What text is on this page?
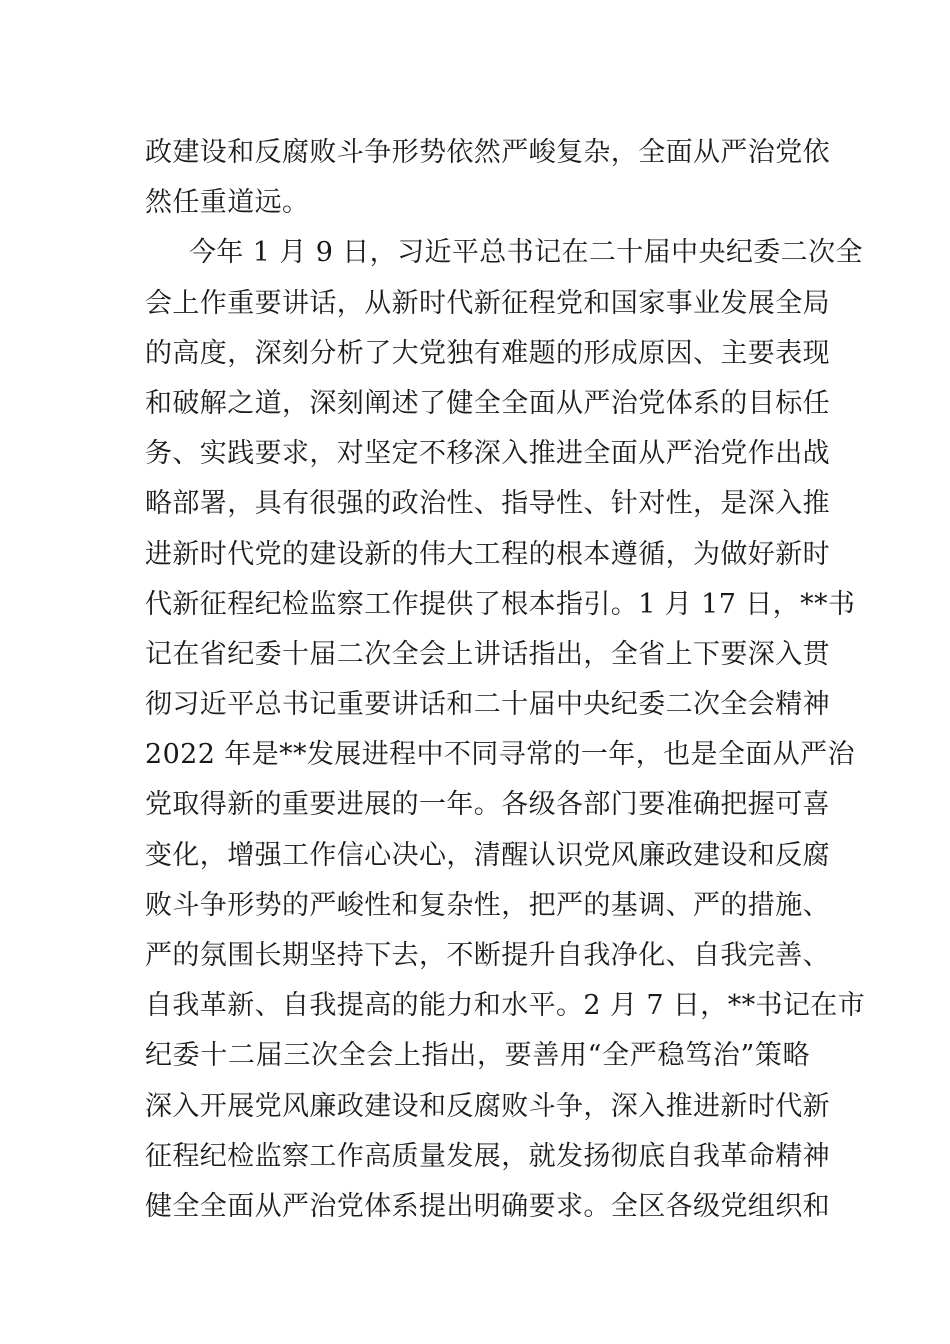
政建设和反腐败斗争形势依然严峻复杂，全面从严治党依
然任重道远。
今年 1 月 9 日，习近平总书记在二十届中央纪委二次全
会上作重要讲话，从新时代新征程党和国家事业发展全局
的高度，深刻分析了大党独有难题的形成原因、主要表现
和破解之道，深刻阐述了健全全面从严治党体系的目标任
务、实践要求，对坚定不移深入推进全面从严治党作出战
略部署，具有很强的政治性、指导性、针对性，是深入推
进新时代党的建设新的伟大工程的根本遵循，为做好新时
代新征程纪检监察工作提供了根本指引。1 月 17 日，**书
记在省纪委十届二次全会上讲话指出，全省上下要深入贯
彻习近平总书记重要讲话和二十届中央纪委二次全会精神
2022 年是**发展进程中不同寻常的一年，也是全面从严治
党取得新的重要进展的一年。各级各部门要准确把握可喜
变化，增强工作信心决心，清醒认识党风廉政建设和反腐
败斗争形势的严峻性和复杂性，把严的基调、严的措施、
严的氛围长期坚持下去，不断提升自我净化、自我完善、
自我革新、自我提高的能力和水平。2 月 7 日，**书记在市
纪委十二届三次全会上指出，要善用“全严稳笃治”策略
深入开展党风廉政建设和反腐败斗争，深入推进新时代新
征程纪检监察工作高质量发展，就发扬彻底自我革命精神
健全全面从严治党体系提出明确要求。全区各级党组织和
